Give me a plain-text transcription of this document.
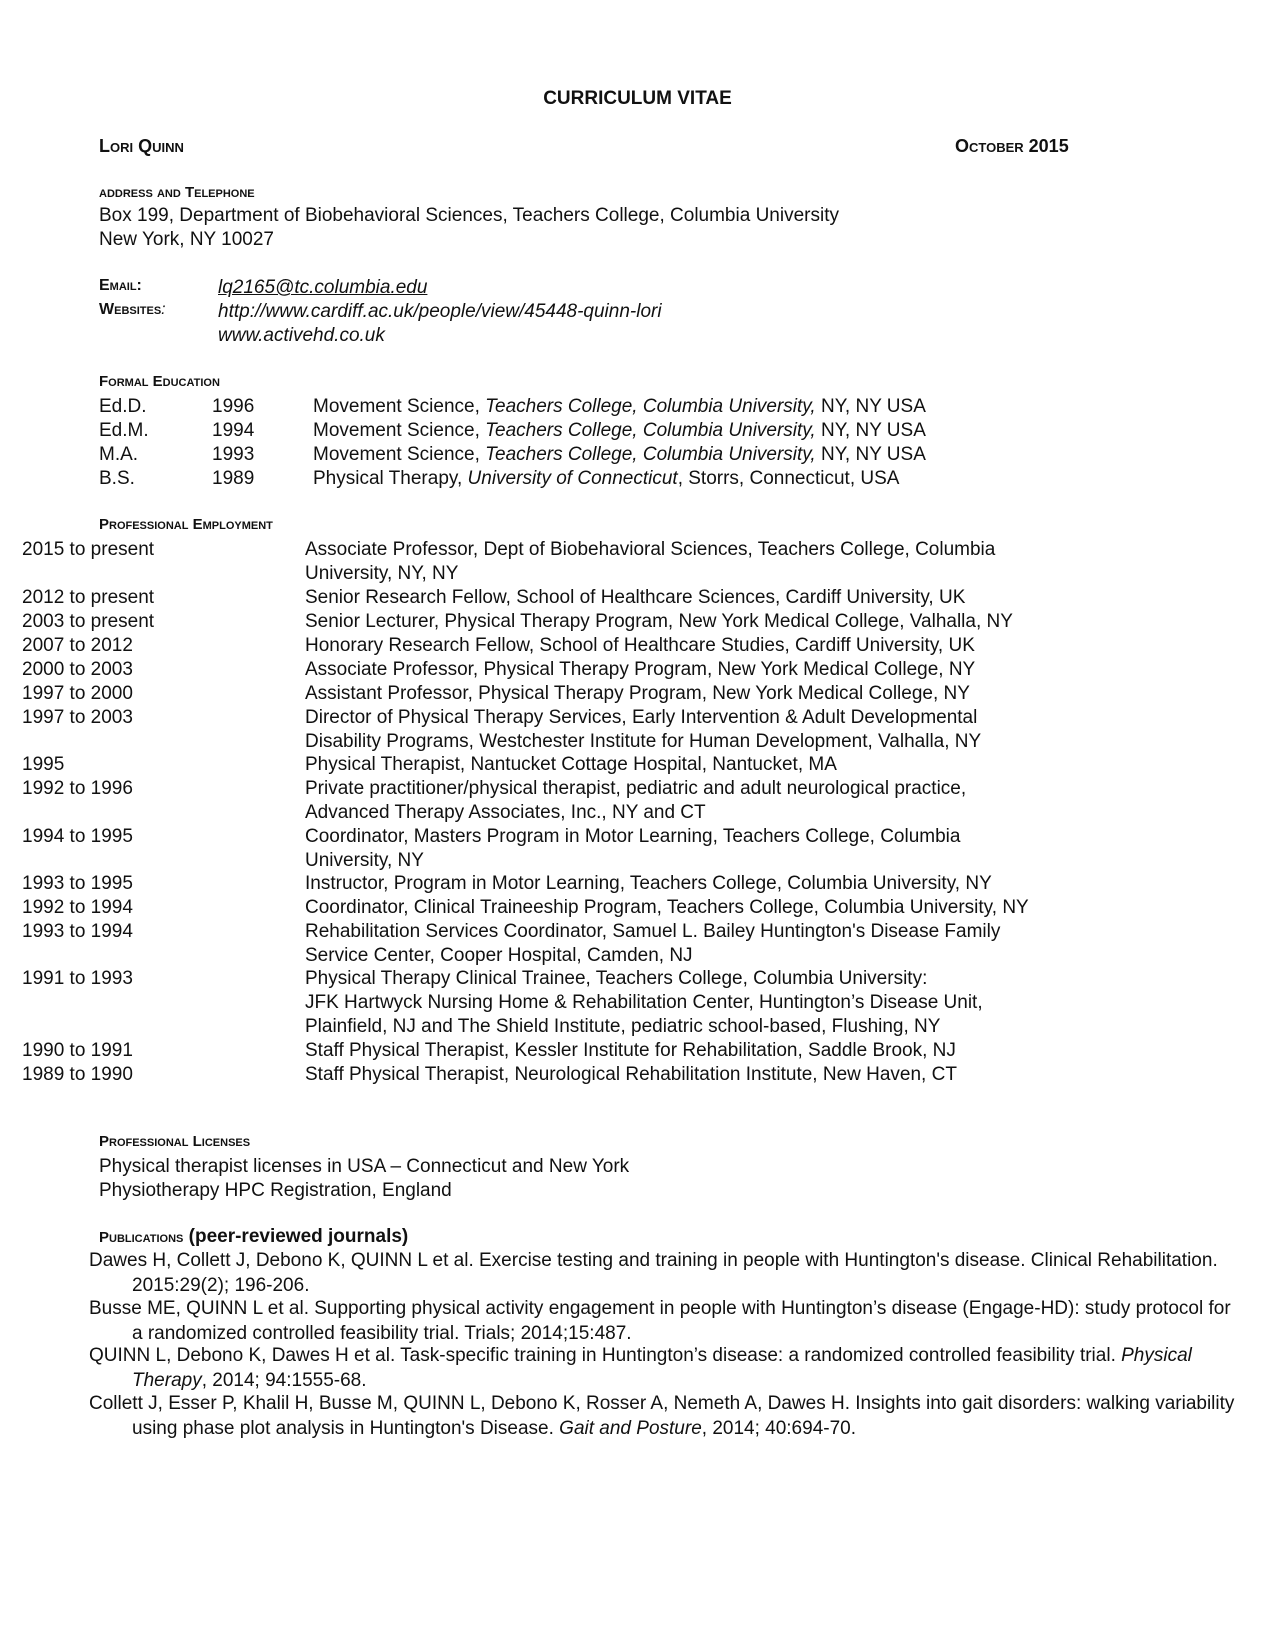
CURRICULUM VITAE
Lori Quinn	October 2015
address and Telephone
Box 199, Department of Biobehavioral Sciences, Teachers College, Columbia University
New York, NY 10027
Email:	lq2165@tc.columbia.edu
Websites:	http://www.cardiff.ac.uk/people/view/45448-quinn-lori
www.activehd.co.uk
Formal Education
Ed.D.	1996	Movement Science, Teachers College, Columbia University, NY, NY USA
Ed.M.	1994	Movement Science, Teachers College, Columbia University, NY, NY USA
M.A.	1993	Movement Science, Teachers College, Columbia University, NY, NY USA
B.S.	1989	Physical Therapy, University of Connecticut, Storrs, Connecticut, USA
Professional Employment
2015 to present	Associate Professor, Dept of Biobehavioral Sciences, Teachers College, Columbia
University, NY, NY
2012 to present	Senior Research Fellow, School of Healthcare Sciences, Cardiff University, UK
2003 to present	Senior Lecturer, Physical Therapy Program, New York Medical College, Valhalla, NY
2007 to 2012	Honorary Research Fellow, School of Healthcare Studies, Cardiff University, UK
2000 to 2003	Associate Professor, Physical Therapy Program, New York Medical College, NY
1997 to 2000	Assistant Professor, Physical Therapy Program, New York Medical College, NY
1997 to 2003	Director of Physical Therapy Services, Early Intervention & Adult Developmental
Disability Programs, Westchester Institute for Human Development, Valhalla, NY
1995	Physical Therapist, Nantucket Cottage Hospital, Nantucket, MA
1992 to 1996	Private practitioner/physical therapist, pediatric and adult neurological practice,
Advanced Therapy Associates, Inc., NY and CT
1994 to 1995	Coordinator, Masters Program in Motor Learning, Teachers College, Columbia
University, NY
1993 to 1995	Instructor, Program in Motor Learning, Teachers College, Columbia University, NY
1992 to 1994	Coordinator, Clinical Traineeship Program, Teachers College, Columbia University, NY
1993 to 1994	Rehabilitation Services Coordinator, Samuel L. Bailey Huntington's Disease Family
Service Center, Cooper Hospital, Camden, NJ
1991 to 1993	Physical Therapy Clinical Trainee, Teachers College, Columbia University:
JFK Hartwyck Nursing Home & Rehabilitation Center, Huntington’s Disease Unit,
Plainfield, NJ and The Shield Institute, pediatric school-based, Flushing, NY
1990 to 1991	Staff Physical Therapist, Kessler Institute for Rehabilitation, Saddle Brook, NJ
1989 to 1990	Staff Physical Therapist, Neurological Rehabilitation Institute, New Haven, CT
Professional Licenses
Physical therapist licenses in USA – Connecticut and New York
Physiotherapy HPC Registration, England
Publications (peer-reviewed journals)
Dawes H, Collett J, Debono K, QUINN L et al. Exercise testing and training in people with Huntington's disease. Clinical Rehabilitation. 2015:29(2); 196-206.
Busse ME, QUINN L et al. Supporting physical activity engagement in people with Huntington’s disease (Engage-HD): study protocol for a randomized controlled feasibility trial. Trials; 2014;15:487.
QUINN L, Debono K, Dawes H et al. Task-specific training in Huntington’s disease: a randomized controlled feasibility trial. Physical Therapy, 2014; 94:1555-68.
Collett J, Esser P, Khalil H, Busse M, QUINN L, Debono K, Rosser A, Nemeth A, Dawes H. Insights into gait disorders: walking variability using phase plot analysis in Huntington's Disease. Gait and Posture, 2014; 40:694-70.
